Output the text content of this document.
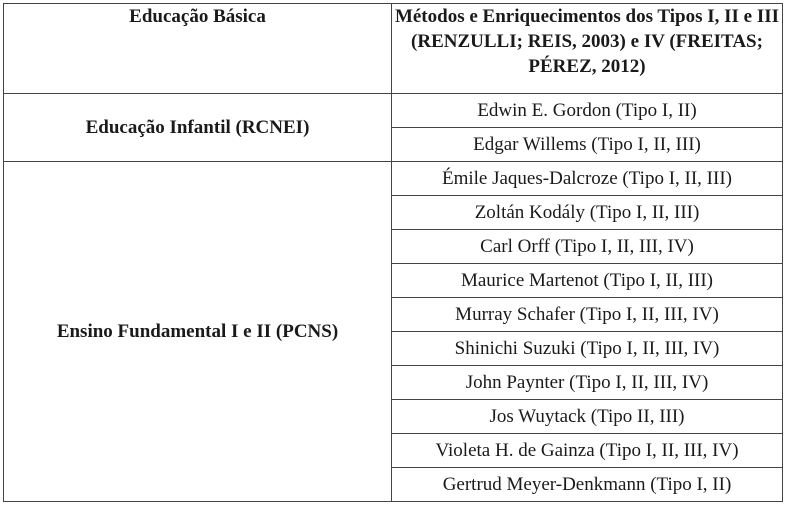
Educação Básica	Métodos e Enriquecimentos dos Tipos I, II e III (RENZULLI; REIS, 2003) e IV (FREITAS; PÉREZ, 2012)
Educação Infantil (RCNEI)	Edwin E. Gordon (Tipo I, II)
	Edgar Willems (Tipo I, II, III)
Ensino Fundamental I e II (PCNS)	Émile Jaques-Dalcroze (Tipo I, II, III)
	Zoltán Kodály (Tipo I, II, III)
	Carl Orff (Tipo I, II, III, IV)
	Maurice Martenot (Tipo I, II, III)
	Murray Schafer (Tipo I, II, III, IV)
	Shinichi Suzuki (Tipo I, II, III, IV)
	John Paynter (Tipo I, II, III, IV)
	Jos Wuytack (Tipo II, III)
	Violeta H. de Gainza (Tipo I, II, III, IV)
	Gertrud Meyer-Denkmann (Tipo I, II)
